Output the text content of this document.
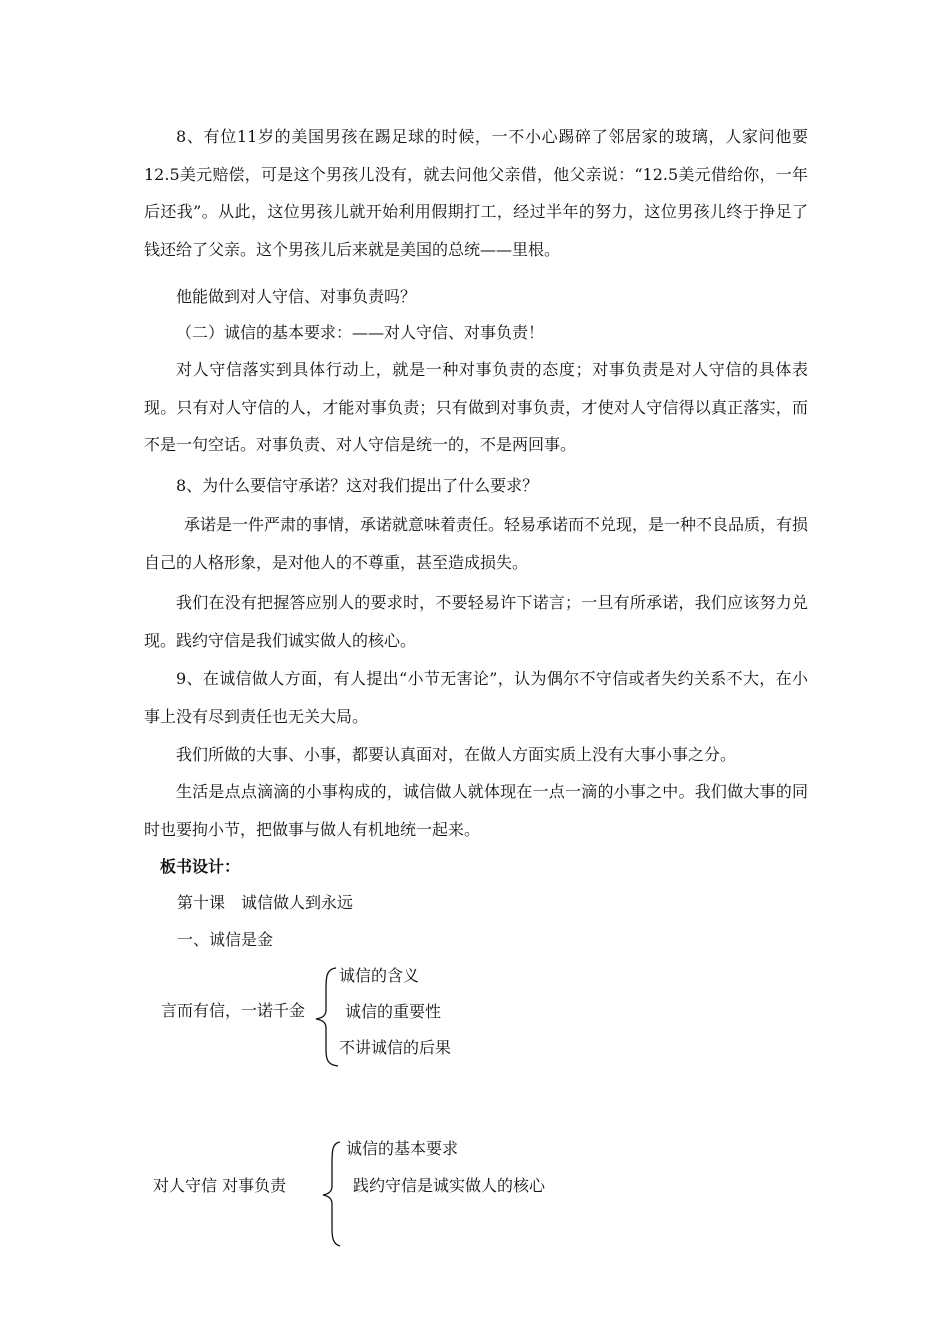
8、有位11岁的美国男孩在踢足球的时候，一不小心踢碎了邻居家的玻璃，人家问他要12.5美元赔偿，可是这个男孩儿没有，就去问他父亲借，他父亲说：“12.5美元借给你，一年后还我”。从此，这位男孩儿就开始利用假期打工，经过半年的努力，这位男孩儿终于挣足了钱还给了父亲。这个男孩儿后来就是美国的总统——里根。

他能做到对人守信、对事负责吗？

（二）诚信的基本要求：——对人守信、对事负责！

对人守信落实到具体行动上，就是一种对事负责的态度；对事负责是对人守信的具体表现。只有对人守信的人，才能对事负责；只有做到对事负责，才使对人守信得以真正落实，而不是一句空话。对事负责、对人守信是统一的，不是两回事。

8、为什么要信守承诺？这对我们提出了什么要求？

承诺是一件严肃的事情，承诺就意味着责任。轻易承诺而不兑现，是一种不良品质，有损自己的人格形象，是对他人的不尊重，甚至造成损失。

我们在没有把握答应别人的要求时，不要轻易许下诺言；一旦有所承诺，我们应该努力兑现。践约守信是我们诚实做人的核心。

9、在诚信做人方面，有人提出“小节无害论”，认为偶尔不守信或者失约关系不大，在小事上没有尽到责任也无关大局。

我们所做的大事、小事，都要认真面对，在做人方面实质上没有大事小事之分。

生活是点点滴滴的小事构成的，诚信做人就体现在一点一滴的小事之中。我们做大事的同时也要拘小节，把做事与做人有机地统一起来。

板书设计：
第十课　诚信做人到永远
一、诚信是金
言而有信，一诺千金
诚信的含义
诚信的重要性
不讲诚信的后果
对人守信 对事负责
诚信的基本要求
践约守信是诚实做人的核心
